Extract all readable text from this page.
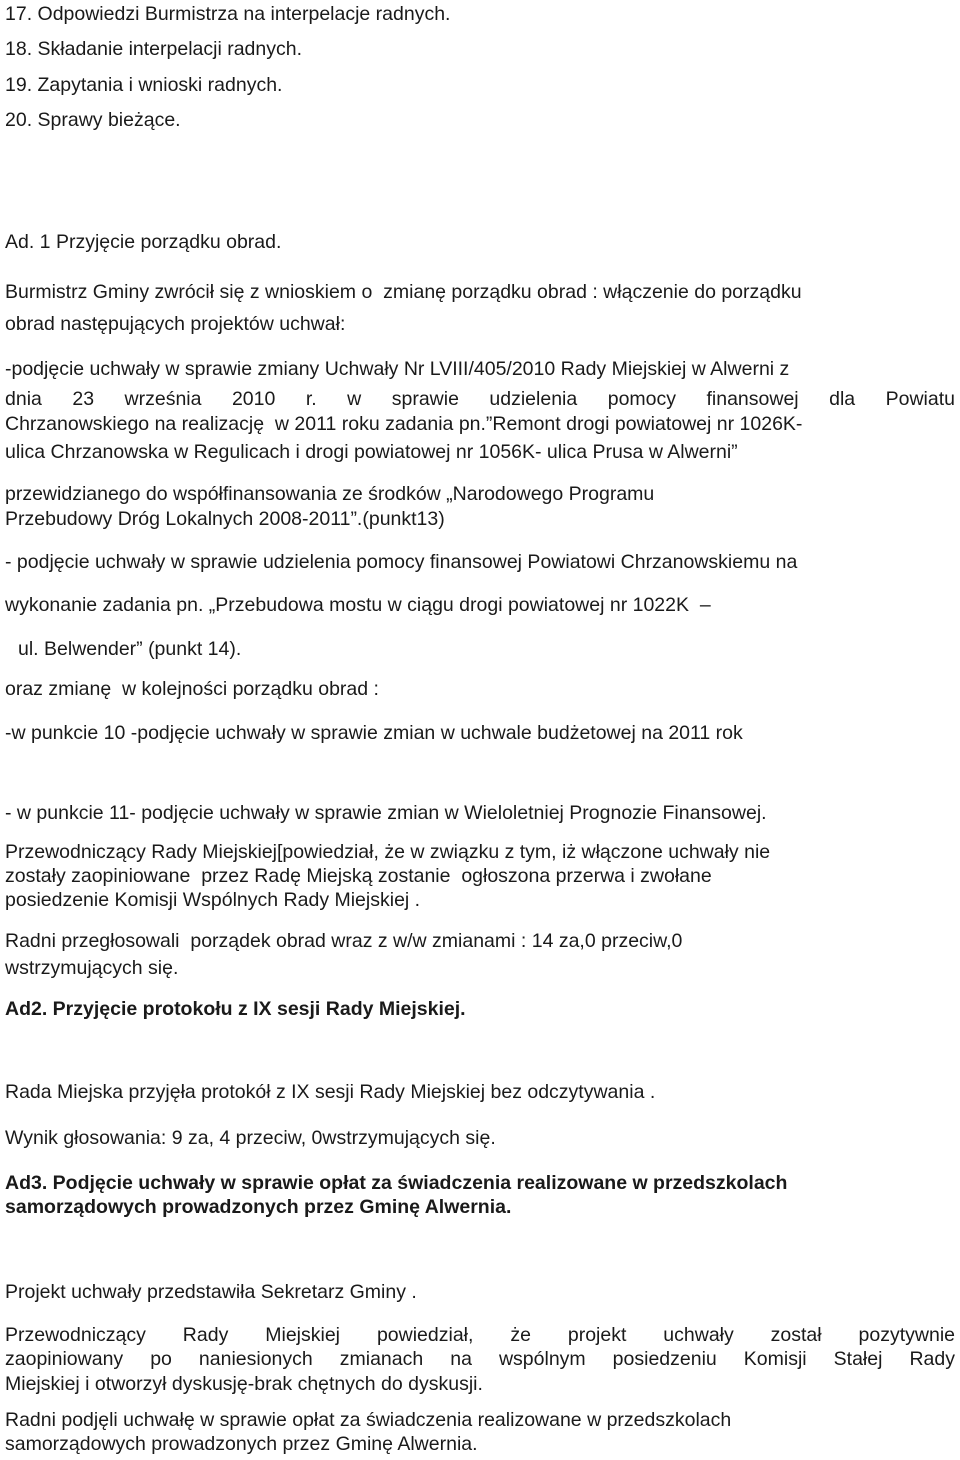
17. Odpowiedzi Burmistrza na interpelacje radnych.

18. Składanie interpelacji radnych.

19. Zapytania i wnioski radnych.

20. Sprawy bieżące.

Ad. 1 Przyjęcie porządku obrad.

Burmistrz Gminy zwrócił się z wnioskiem o  zmianę porządku obrad : włączenie do porządku

obrad następujących projektów uchwał:

-podjęcie uchwały w sprawie zmiany Uchwały Nr LVIII/405/2010 Rady Miejskiej w Alwerni z

dnia 23 września 2010 r. w sprawie udzielenia pomocy finansowej dla Powiatu

Chrzanowskiego na realizację  w 2011 roku zadania pn.”Remont drogi powiatowej nr 1026K-

ulica Chrzanowska w Regulicach i drogi powiatowej nr 1056K- ulica Prusa w Alwerni”

przewidzianego do współfinansowania ze środków „Narodowego Programu

Przebudowy Dróg Lokalnych 2008-2011”.(punkt13)

- podjęcie uchwały w sprawie udzielenia pomocy finansowej Powiatowi Chrzanowskiemu na

wykonanie zadania pn. „Przebudowa mostu w ciągu drogi powiatowej nr 1022K  –

ul. Belwender” (punkt 14).

oraz zmianę  w kolejności porządku obrad :

-w punkcie 10 -podjęcie uchwały w sprawie zmian w uchwale budżetowej na 2011 rok

- w punkcie 11- podjęcie uchwały w sprawie zmian w Wieloletniej Prognozie Finansowej.

Przewodniczący Rady Miejskiej[powiedział, że w związku z tym, iż włączone uchwały nie

zostały zaopiniowane  przez Radę Miejską zostanie  ogłoszona przerwa i zwołane

posiedzenie Komisji Wspólnych Rady Miejskiej .

Radni przegłosowali  porządek obrad wraz z w/w zmianami : 14 za,0 przeciw,0

wstrzymujących się.

Ad2. Przyjęcie protokołu z IX sesji Rady Miejskiej.

Rada Miejska przyjęła protokół z IX sesji Rady Miejskiej bez odczytywania .

Wynik głosowania: 9 za, 4 przeciw, 0wstrzymujących się.

Ad3. Podjęcie uchwały w sprawie opłat za świadczenia realizowane w przedszkolach

samorządowych prowadzonych przez Gminę Alwernia.

Projekt uchwały przedstawiła Sekretarz Gminy .

Przewodniczący Rady Miejskiej powiedział, że projekt uchwały został pozytywnie

zaopiniowany po naniesionych zmianach na wspólnym posiedzeniu Komisji Stałej Rady

Miejskiej i otworzył dyskusję-brak chętnych do dyskusji.

Radni podjęli uchwałę w sprawie opłat za świadczenia realizowane w przedszkolach

samorządowych prowadzonych przez Gminę Alwernia.
